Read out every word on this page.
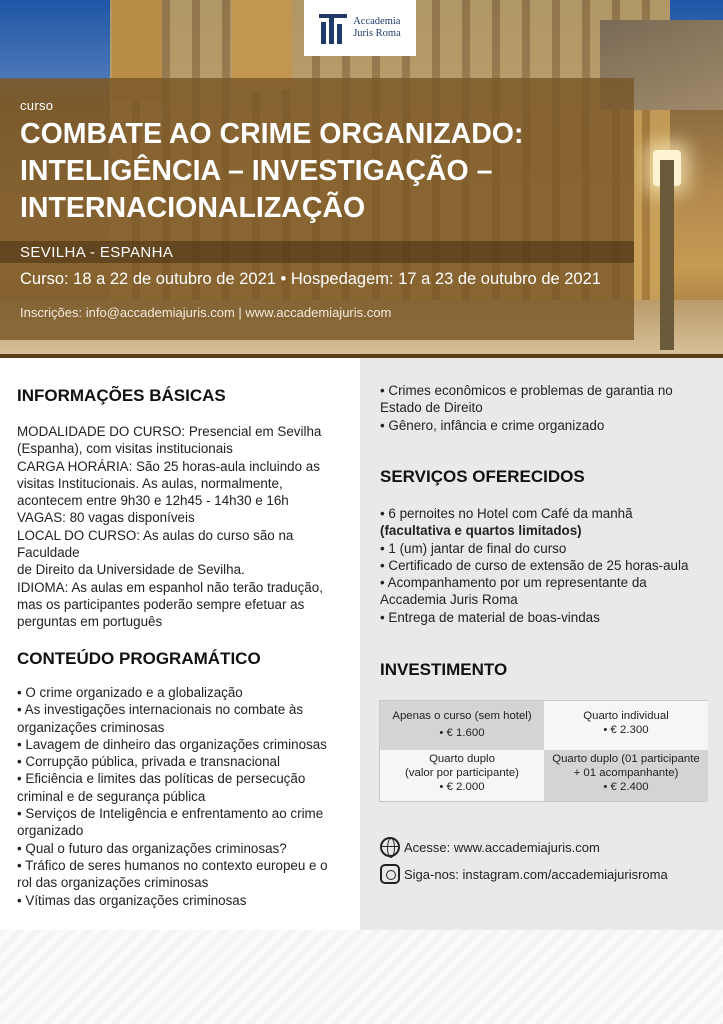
Accademia
Juris Roma
curso
COMBATE AO CRIME ORGANIZADO:
INTELIGÊNCIA – INVESTIGAÇÃO –
INTERNACIONALIZAÇÃO
SEVILHA - ESPANHA
Curso: 18 a 22 de outubro de 2021 • Hospedagem: 17 a 23 de outubro de 2021
Inscrições: info@accademiajuris.com | www.accademiajuris.com
INFORMAÇÕES BÁSICAS

MODALIDADE DO CURSO: Presencial em Sevilha

(Espanha), com visitas institucionais

CARGA HORÁRIA: São 25 horas-aula incluindo as

visitas Institucionais. As aulas, normalmente,

acontecem entre 9h30 e 12h45 - 14h30 e 16h

VAGAS: 80 vagas disponíveis

LOCAL DO CURSO: As aulas do curso são na Faculdade

de Direito da Universidade de Sevilha.

IDIOMA: As aulas em espanhol não terão tradução,

mas os participantes poderão sempre efetuar as

perguntas em português

CONTEÚDO PROGRAMÁTICO

• O crime organizado e a globalização

• As investigações internacionais no combate às

organizações criminosas

• Lavagem de dinheiro das organizações criminosas

• Corrupção pública, privada e transnacional

• Eficiência e limites das políticas de persecução

criminal e de segurança pública

• Serviços de Inteligência e enfrentamento ao crime

organizado

• Qual o futuro das organizações criminosas?

• Tráfico de seres humanos no contexto europeu e o

rol das organizações criminosas

• Vítimas das organizações criminosas

• Crimes econômicos e problemas de garantia no

Estado de Direito

• Gênero, infância e crime organizado

SERVIÇOS OFERECIDOS

• 6 pernoites no Hotel com Café da manhã

(facultativa e quartos limitados)

• 1 (um) jantar de final do curso

• Certificado de curso de extensão de 25 horas-aula

• Acompanhamento por um representante da

Accademia Juris Roma

• Entrega de material de boas-vindas

INVESTIMENTO
Apenas o curso (sem hotel)
• € 1.600
Quarto individual
• € 2.300
Quarto duplo
(valor por participante)
• € 2.000
Quarto duplo (01 participante
+ 01 acompanhante)
• € 2.400
Acesse: www.accademiajuris.com
Siga-nos: instagram.com/accademiajurisroma
